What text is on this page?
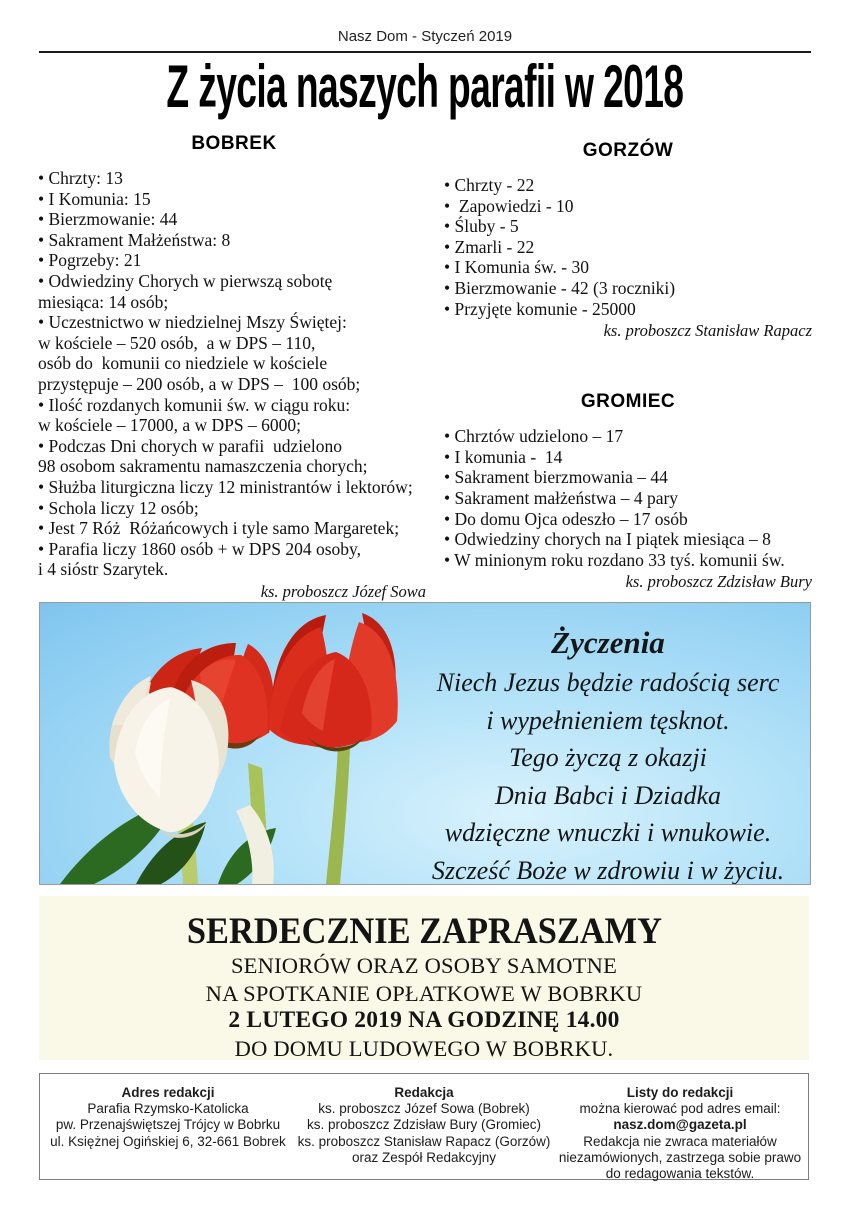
Nasz Dom - Styczeń 2019
Z życia naszych parafii w 2018
BOBREK
• Chrzty: 13
• I Komunia: 15
• Bierzmowanie: 44
• Sakrament Małżeństwa: 8
• Pogrzeby: 21
• Odwiedziny Chorych w pierwszą sobotę
miesiąca: 14 osób;
• Uczestnictwo w niedzielnej Mszy Świętej:
w kościele – 520 osób,  a w DPS – 110,
osób do  komunii co niedziele w kościele
przystępuje – 200 osób, a w DPS –  100 osób;
• Ilość rozdanych komunii św. w ciągu roku:
w kościele – 17000, a w DPS – 6000;
• Podczas Dni chorych w parafii  udzielono
98 osobom sakramentu namaszczenia chorych;
• Służba liturgiczna liczy 12 ministrantów i lektorów;
• Schola liczy 12 osób;
• Jest 7 Róż  Różańcowych i tyle samo Margaretek;
• Parafia liczy 1860 osób + w DPS 204 osoby,
i 4 sióstr Szarytek.
ks. proboszcz Józef Sowa
GORZÓW
• Chrzty - 22
•  Zapowiedzi - 10
• Śluby - 5
• Zmarli - 22
• I Komunia św. - 30
• Bierzmowanie - 42 (3 roczniki)
• Przyjęte komunie - 25000
ks. proboszcz Stanisław Rapacz
GROMIEC
• Chrztów udzielono – 17
• I komunia -  14
• Sakrament bierzmowania – 44
• Sakrament małżeństwa – 4 pary
• Do domu Ojca odeszło – 17 osób
• Odwiedziny chorych na I piątek miesiąca – 8
• W minionym roku rozdano 33 tyś. komunii św.
ks. proboszcz Zdzisław Bury
Życzenia
Niech Jezus będzie radością serc
i wypełnieniem tęsknot.
Tego życzą z okazji
Dnia Babci i Dziadka
wdzięczne wnuczki i wnukowie.
Szcześć Boże w zdrowiu i w życiu.
SERDECZNIE ZAPRASZAMY
SENIORÓW ORAZ OSOBY SAMOTNE
NA SPOTKANIE OPŁATKOWE W BOBRKU
2 LUTEGO 2019 NA GODZINĘ 14.00
DO DOMU LUDOWEGO W BOBRKU.
Adres redakcji
Parafia Rzymsko-Katolicka
pw. Przenajświętszej Trójcy w Bobrku
ul. Księżnej Ogińskiej 6, 32-661 Bobrek
Redakcja
ks. proboszcz Józef Sowa (Bobrek)
ks. proboszcz Zdzisław Bury (Gromiec)
ks. proboszcz Stanisław Rapacz (Gorzów)
oraz Zespół Redakcyjny
Listy do redakcji
można kierować pod adres email:
nasz.dom@gazeta.pl
Redakcja nie zwraca materiałów
niezamówionych, zastrzega sobie prawo
do redagowania tekstów.
